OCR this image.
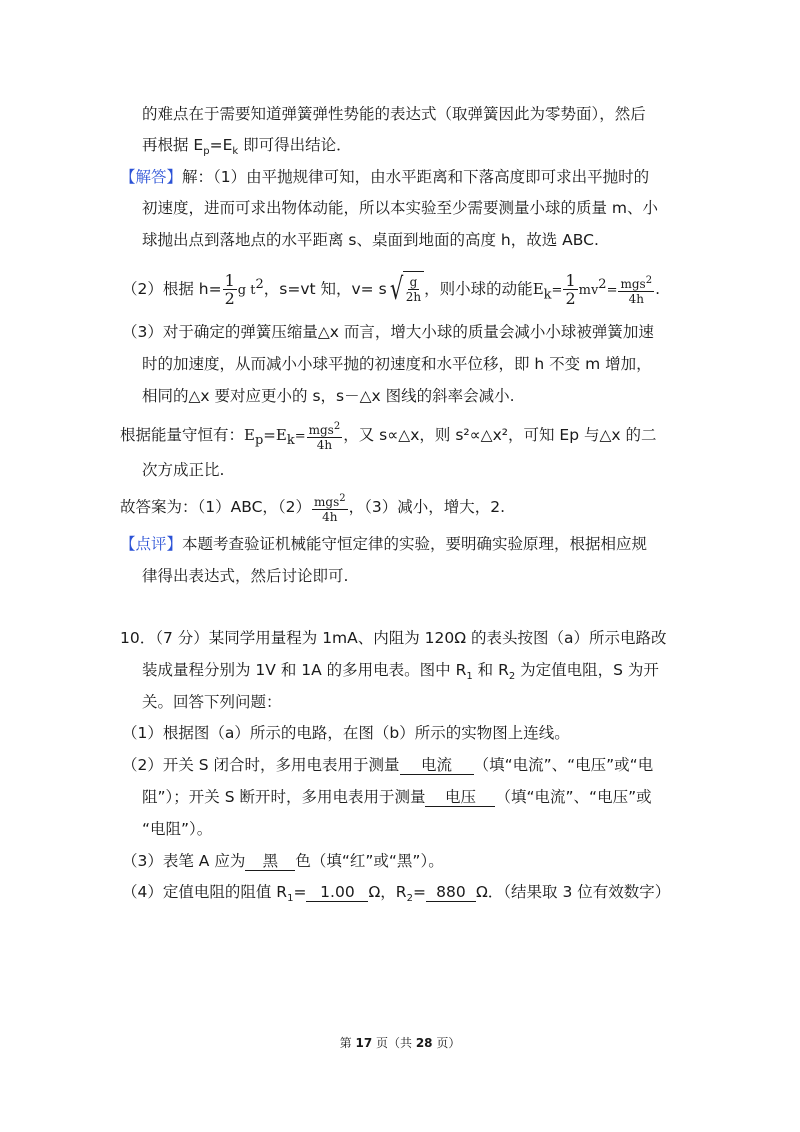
的难点在于需要知道弹簧弹性势能的表达式（取弹簧因此为零势面），然后
再根据 $E_p=E_k$ 即可得出结论．
【解答】解：（1）由平抛规律可知，由水平距离和下落高度即可求出平抛时的
初速度，进而可求出物体动能，所以本实验至少需要测量小球的质量 m、小
球抛出点到落地点的水平距离 s、桌面到地面的高度 h，故选 ABC.
（2）根据 $h= \frac{1}{2}$ g $t^2$，s=vt 知，v= s √ $\frac{g}{2h}$ ，则小球的动能$E_k= \frac{1}{2} mv^2= \frac{mgs^2}{4h}$ .
（3）对于确定的弹簧压缩量△x 而言，增大小球的质量会减小小球被弹簧加速
时的加速度，从而减小小球平抛的初速度和水平位移，即 h 不变 m 增加，
相同的△x 要对应更小的 s，s－△x 图线的斜率会减小.
根据能量守恒有：$E_p=E_k= \frac{mgs^2}{4h}$ ，又 s∝△x，则 s²∝△x²，可知 Ep 与△x 的二
次方成正比.
故答案为：（1）ABC，$(2) \frac{mgs^2}{4h}$ ，（3）减小，增大，2.
【点评】本题考查验证机械能守恒定律的实验，要明确实验原理，根据相应规
律得出表达式，然后讨论即可.
10．（7 分）某同学用量程为 1mA、内阻为 120Ω 的表头按图（a）所示电路改
装成量程分别为 1V 和 1A 的多用电表。图中 $R_1$ 和 $R_2$ 为定值电阻，S 为开
关。回答下列问题：
（1）根据图（a）所示的电路，在图（b）所示的实物图上连线。
（2）开关 S 闭合时，多用电表用于测量 电流 （填“电流”、“电压”或“电
阻”）；开关 S 断开时，多用电表用于测量 电压 （填“电流”、“电压”或
“电阻”）。
（3）表笔 A 应为 黑 色（填“红”或“黑”）。
（4）定值电阻的阻值 $R_1= 1.00$ Ω，$R_2= 880$ Ω．（结果取 3 位有效数字）
第 17 页（共 28 页）
